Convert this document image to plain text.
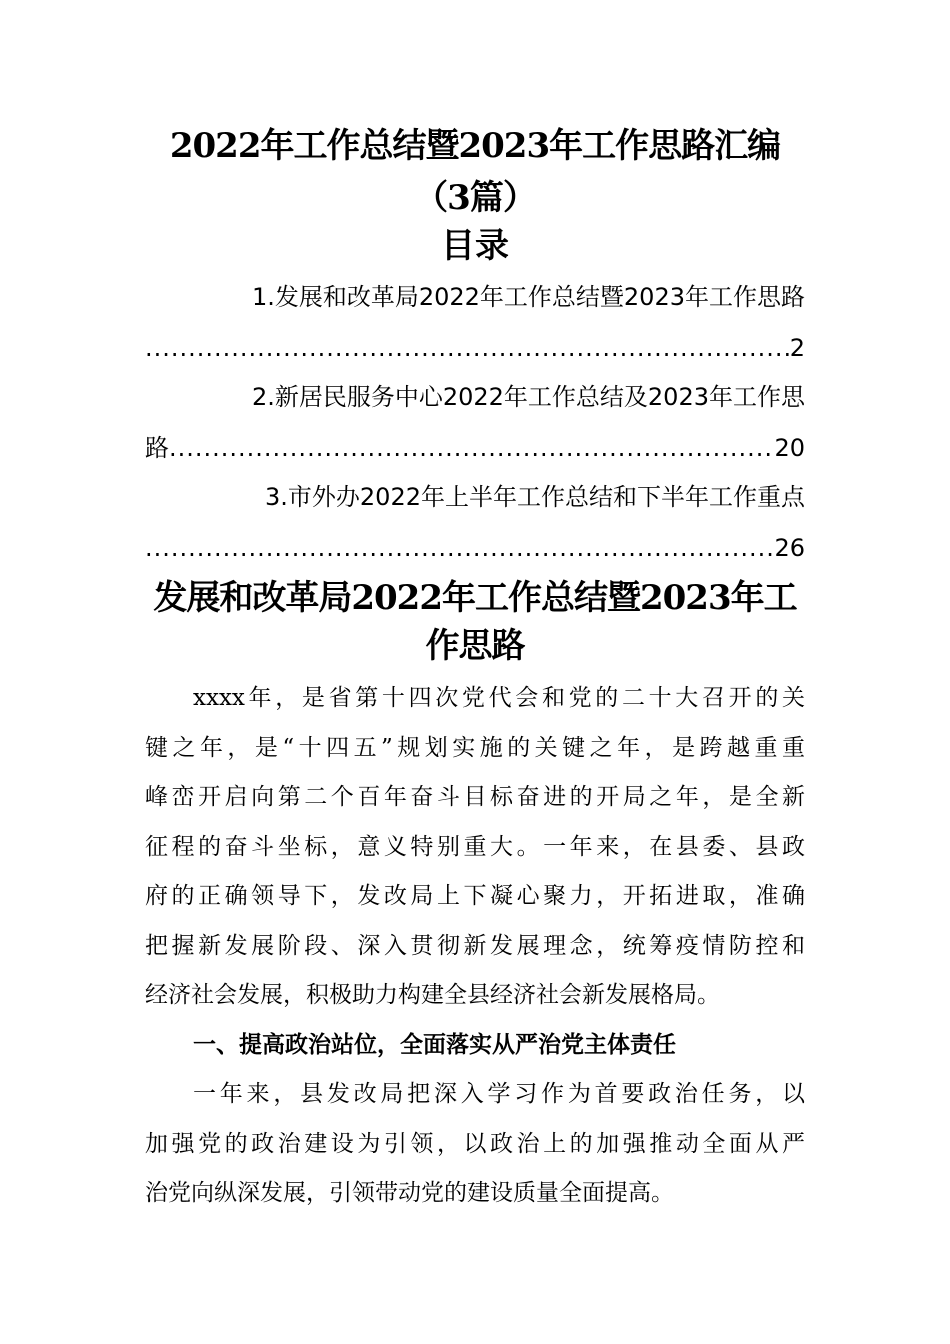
2022年工作总结暨2023年工作思路汇编
（3篇）
目录
1.发展和改革局2022年工作总结暨2023年工作思路
.....
2
2.新居民服务中心2022年工作总结及2023年工作思
路
.....	20
3.市外办2022年上半年工作总结和下半年工作重点
.....
26
发展和改革局2022年工作总结暨2023年工
作思路
xxxx年，是省第十四次党代会和党的二十大召开的关
键之年，是“十四五”规划实施的关键之年，是跨越重重
峰峦开启向第二个百年奋斗目标奋进的开局之年，是全新
征程的奋斗坐标，意义特别重大。一年来，在县委、县政
府的正确领导下，发改局上下凝心聚力，开拓进取，准确
把握新发展阶段、深入贯彻新发展理念，统筹疫情防控和
经济社会发展，积极助力构建全县经济社会新发展格局。
一、提高政治站位，全面落实从严治党主体责任
一年来，县发改局把深入学习作为首要政治任务，以
加强党的政治建设为引领，以政治上的加强推动全面从严
治党向纵深发展，引领带动党的建设质量全面提高。
